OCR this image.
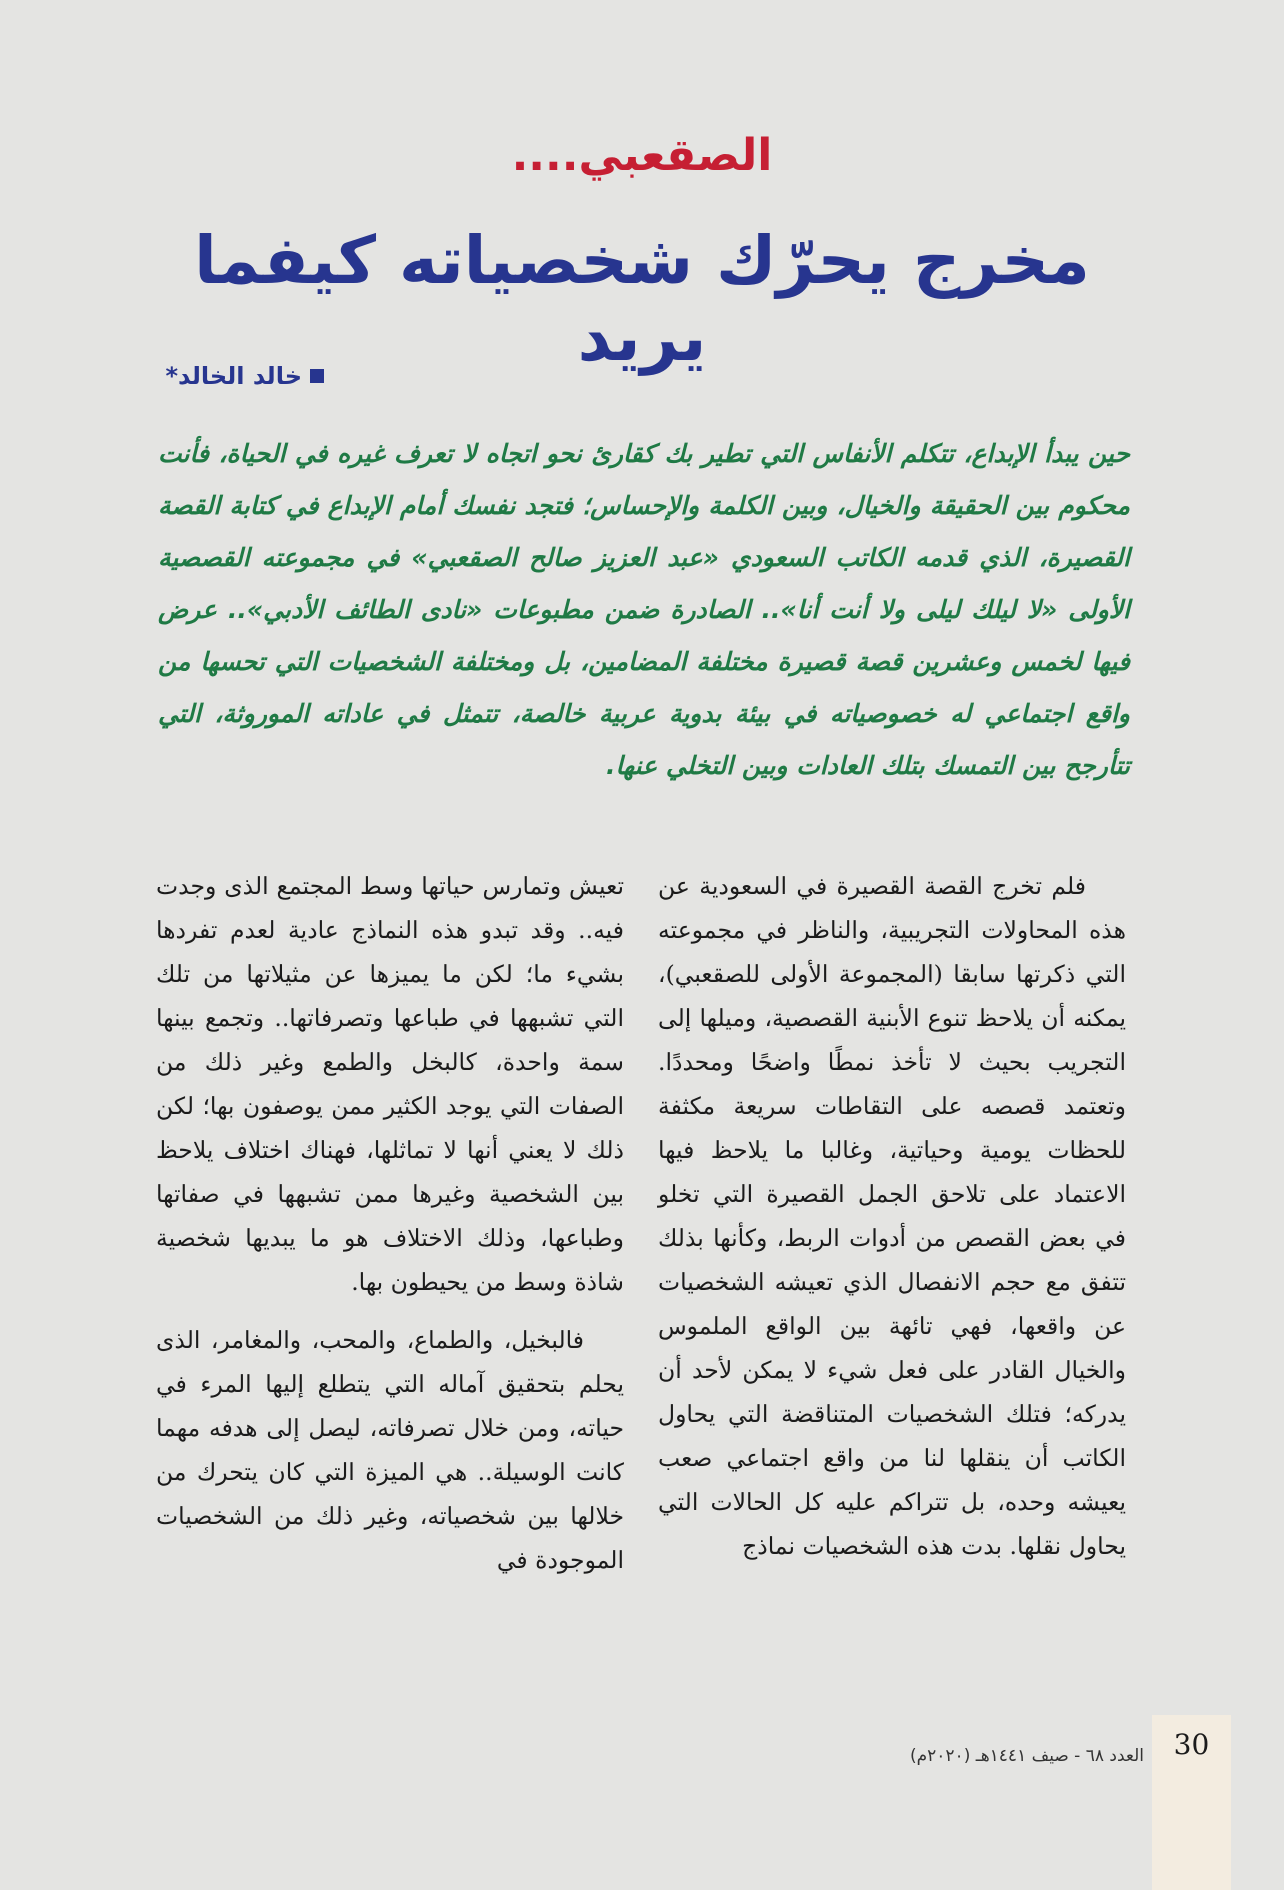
الصقعبي....
مخرج يحرّك شخصياته كيفما يريد
خالد الخالد*

حين يبدأ الإبداع، تتكلم الأنفاس التي تطير بك كقارئ نحو اتجاه لا تعرف غيره في الحياة، فأنت محكوم بين الحقيقة والخيال، وبين الكلمة والإحساس؛ فتجد نفسك أمام الإبداع في كتابة القصة القصيرة، الذي قدمه الكاتب السعودي «عبد العزيز صالح الصقعبي» في مجموعته القصصية الأولى «لا ليلك ليلى ولا أنت أنا».. الصادرة ضمن مطبوعات «نادى الطائف الأدبي».. عرض فيها لخمس وعشرين قصة قصيرة مختلفة المضامين، بل ومختلفة الشخصيات التي تحسها من واقع اجتماعي له خصوصياته في بيئة بدوية عربية خالصة، تتمثل في عاداته الموروثة، التي تتأرجح بين التمسك بتلك العادات وبين التخلي عنها.

فلم تخرج القصة القصيرة في السعودية عن هذه المحاولات التجريبية، والناظر في مجموعته التي ذكرتها سابقا (المجموعة الأولى للصقعبي)، يمكنه أن يلاحظ تنوع الأبنية القصصية، وميلها إلى التجريب بحيث لا تأخذ نمطًا واضحًا ومحددًا. وتعتمد قصصه على التقاطات سريعة مكثفة للحظات يومية وحياتية، وغالبا ما يلاحظ فيها الاعتماد على تلاحق الجمل القصيرة التي تخلو في بعض القصص من أدوات الربط، وكأنها بذلك تتفق مع حجم الانفصال الذي تعيشه الشخصيات عن واقعها، فهي تائهة بين الواقع الملموس والخيال القادر على فعل شيء لا يمكن لأحد أن يدركه؛ فتلك الشخصيات المتناقضة التي يحاول الكاتب أن ينقلها لنا من واقع اجتماعي صعب يعيشه وحده، بل تتراكم عليه كل الحالات التي يحاول نقلها. بدت هذه الشخصيات نماذج

تعيش وتمارس حياتها وسط المجتمع الذى وجدت فيه.. وقد تبدو هذه النماذج عادية لعدم تفردها بشيء ما؛ لكن ما يميزها عن مثيلاتها من تلك التي تشبهها في طباعها وتصرفاتها.. وتجمع بينها سمة واحدة، كالبخل والطمع وغير ذلك من الصفات التي يوجد الكثير ممن يوصفون بها؛ لكن ذلك لا يعني أنها لا تماثلها، فهناك اختلاف يلاحظ بين الشخصية وغيرها ممن تشبهها في صفاتها وطباعها، وذلك الاختلاف هو ما يبديها شخصية شاذة وسط من يحيطون بها.

فالبخيل، والطماع، والمحب، والمغامر، الذى يحلم بتحقيق آماله التي يتطلع إليها المرء في حياته، ومن خلال تصرفاته، ليصل إلى هدفه مهما كانت الوسيلة.. هي الميزة التي كان يتحرك من خلالها بين شخصياته، وغير ذلك من الشخصيات الموجودة في

30
العدد ٦٨ - صيف ١٤٤١هـ (٢٠٢٠م)
